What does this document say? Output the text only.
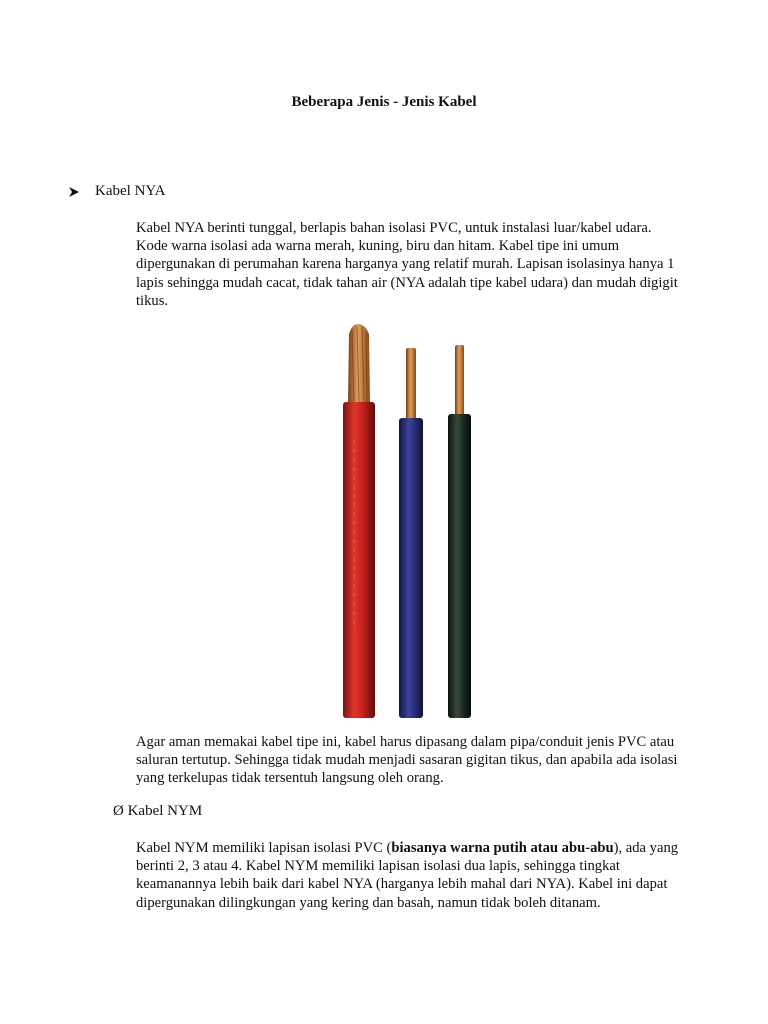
Beberapa Jenis - Jenis Kabel
Kabel NYA

Kabel NYA berinti tunggal, berlapis bahan isolasi PVC, untuk instalasi luar/kabel udara. Kode warna isolasi ada warna merah, kuning, biru dan hitam. Kabel tipe ini umum dipergunakan di perumahan karena harganya yang relatif murah. Lapisan isolasinya hanya 1 lapis sehingga mudah cacat, tidak tahan air (NYA adalah tipe kabel udara) dan mudah digigit tikus.

Agar aman memakai kabel tipe ini, kabel harus dipasang dalam pipa/conduit jenis PVC atau saluran tertutup. Sehingga tidak mudah menjadi sasaran gigitan tikus, dan apabila ada isolasi yang terkelupas tidak tersentuh langsung oleh orang.

Ø Kabel NYM

Kabel NYM memiliki lapisan isolasi PVC (biasanya warna putih atau abu-abu), ada yang berinti 2, 3 atau 4. Kabel NYM memiliki lapisan isolasi dua lapis, sehingga tingkat keamanannya lebih baik dari kabel NYA (harganya lebih mahal dari NYA). Kabel ini dapat dipergunakan dilingkungan yang kering dan basah, namun tidak boleh ditanam.
